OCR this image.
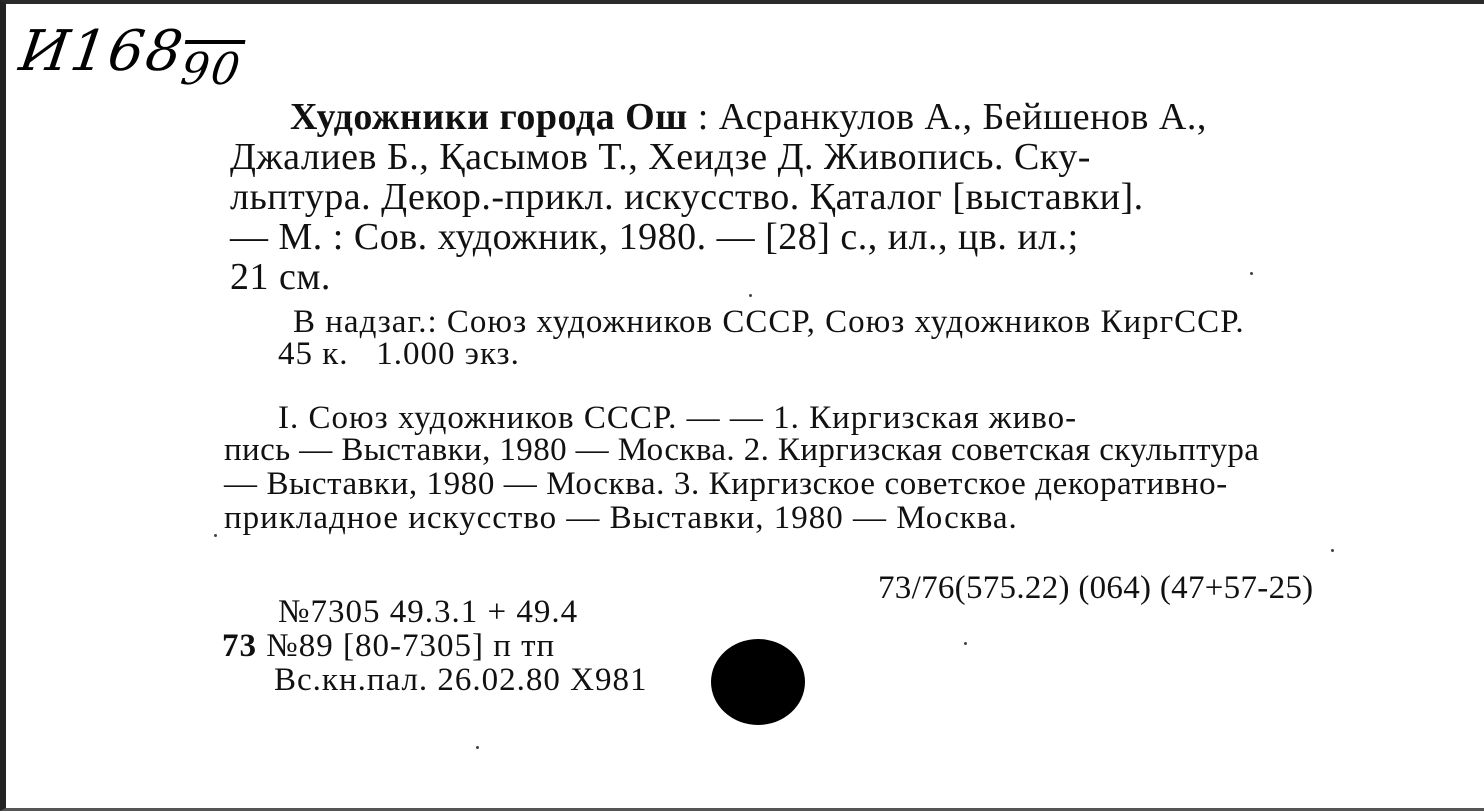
$И168_{90}$
Художники города Ош : Асранкулов А., Бейшенов А.,
Джалиев Б., Қасымов Т., Хеидзе Д. Живопись. Ску-
льптура. Декор.-прикл. искусство. Қаталог [выставки].
— М. : Сов. художник, 1980. — [28] с., ил., цв. ил.;
21 см.
В надзаг.: Союз художников СССР, Союз художников КиргССР.
45 к.   1.000 экз.
I. Союз художников СССР. — — 1. Киргизская живо-
пись — Выставки, 1980 — Москва. 2. Киргизская советская скульптура
— Выставки, 1980 — Москва. 3. Киргизское советское декоративно-
прикладное искусство — Выставки, 1980 — Москва.
73/76(575.22) (064) (47+57-25)
№7305 49.3.1 + 49.4
73 №89 [80-7305] п тп
Вс.кн.пал. 26.02.80 Х981
